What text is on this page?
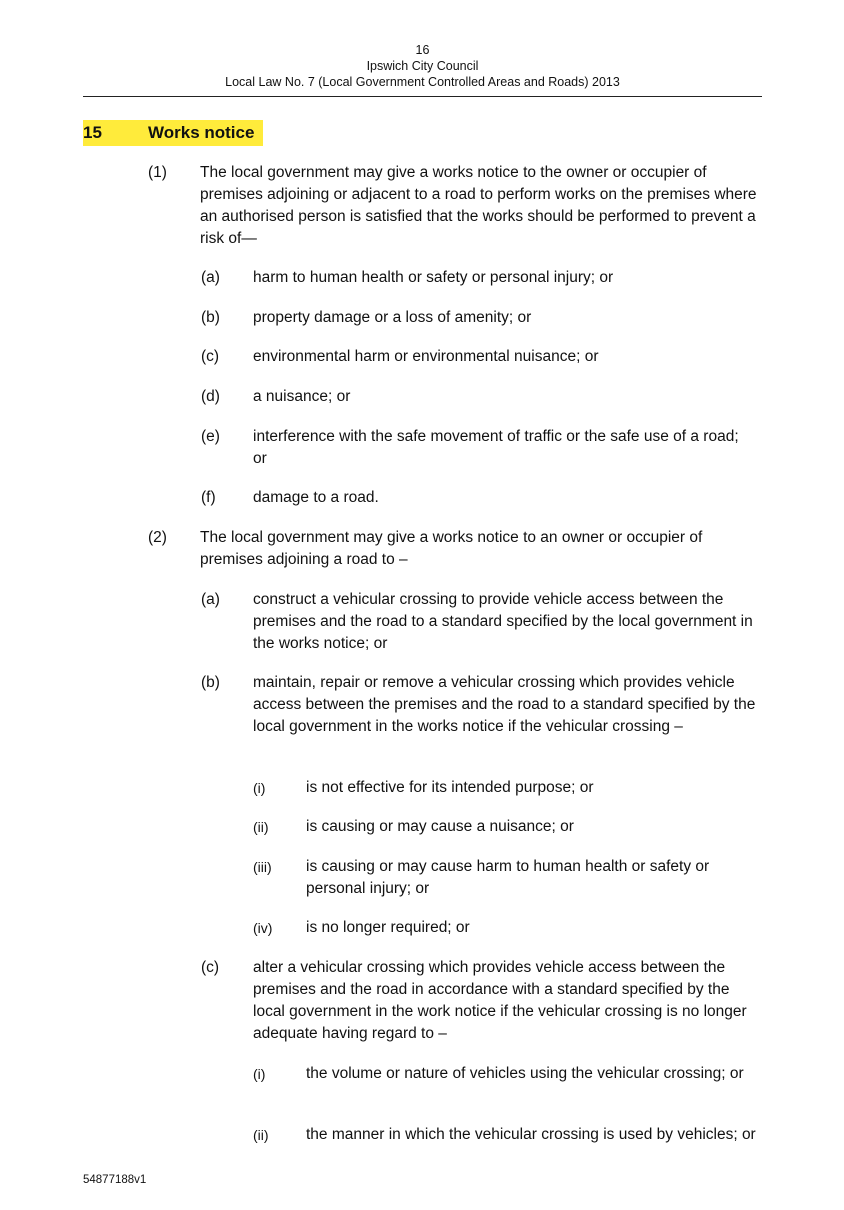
16
Ipswich City Council
Local Law No. 7 (Local Government Controlled Areas and Roads) 2013
15	Works notice
(1) The local government may give a works notice to the owner or occupier of premises adjoining or adjacent to a road to perform works on the premises where an authorised person is satisfied that the works should be performed to prevent a risk of—
(a) harm to human health or safety or personal injury; or
(b) property damage or a loss of amenity; or
(c) environmental harm or environmental nuisance; or
(d) a nuisance; or
(e) interference with the safe movement of traffic or the safe use of a road; or
(f) damage to a road.
(2) The local government may give a works notice to an owner or occupier of premises adjoining a road to –
(a) construct a vehicular crossing to provide vehicle access between the premises and the road to a standard specified by the local government in the works notice; or
(b) maintain, repair or remove a vehicular crossing which provides vehicle access between the premises and the road to a standard specified by the local government in the works notice if the vehicular crossing –
(i)	is not effective for its intended purpose; or
(ii) is causing or may cause a nuisance; or
(iii) is causing or may cause harm to human health or safety or personal injury; or
(iv) is no longer required; or
(c) alter a vehicular crossing which provides vehicle access between the premises and the road in accordance with a standard specified by the local government in the work notice if the vehicular crossing is no longer adequate having regard to –
(i)	the volume or nature of vehicles using the vehicular crossing; or
(ii) the manner in which the vehicular crossing is used by vehicles; or
54877188v1
